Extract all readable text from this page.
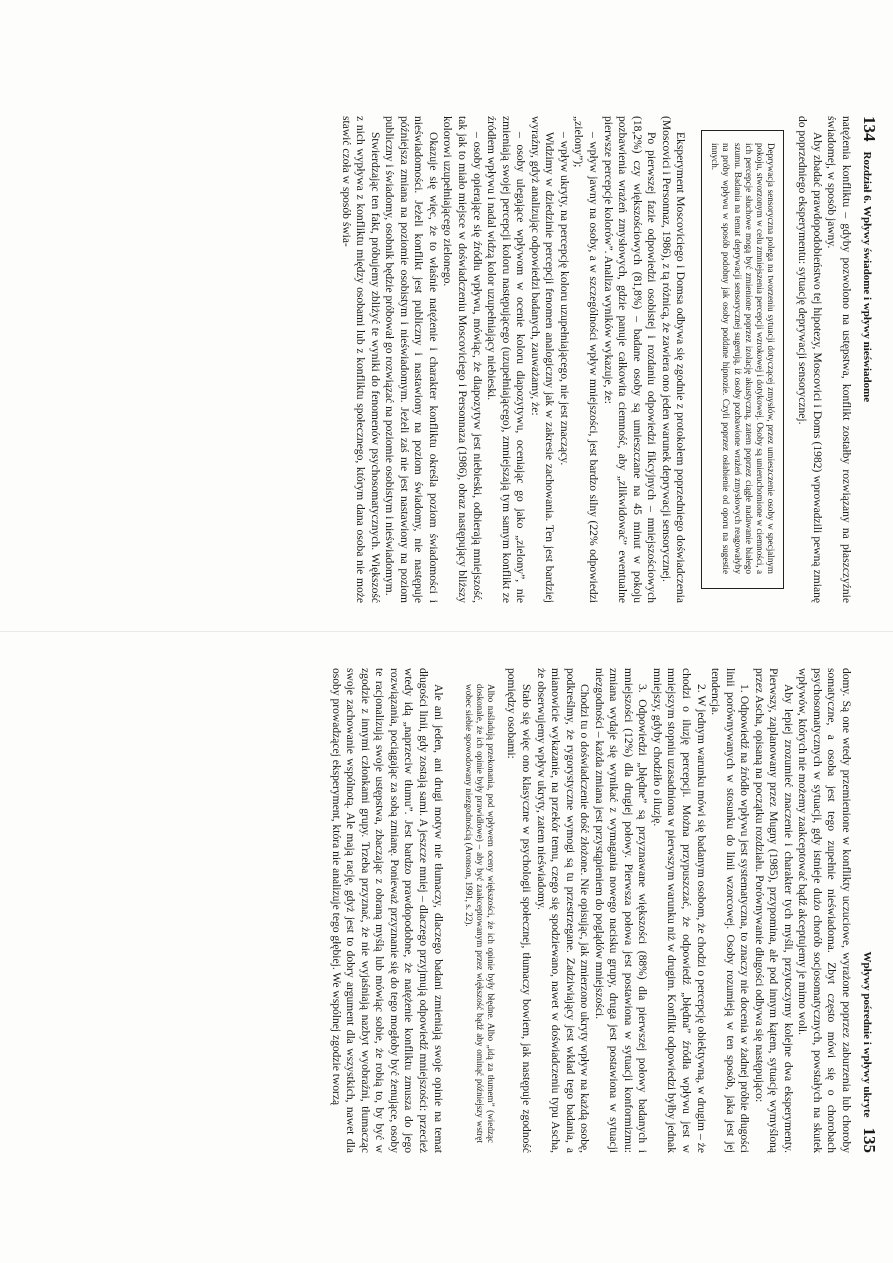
134
Rozdział 6. Wpływy świadome i wpływy nieświadome

natężenia konfliktu – gdyby pozwolono na ustępstwa, konflikt zostałby rozwiązany na płaszczyźnie świadomej, w sposób jawny.

Aby zbadać prawdopodobieństwo tej hipotezy, Moscovici i Doms (1982) wprowadzili pewną zmianę do poprzedniego eksperymentu: sytuację deprywacji sensorycznej.

Deprywacja sensoryczna polega na tworzeniu sytuacji dotyczącej zmysłów, przez umieszczenie osoby w specjalnym pokoju, stworzonym w celu zmniejszenia percepcji wzrokowej i dotykowej. Osoby są unieruchomione w ciemności, a ich percepcje słuchowe mogą być zmienione poprzez izolację akustyczną, zatem poprzez ciągłe nadawanie białego szumu. Badania na temat deprywacji sensorycznej sugerują, iż osoby pozbawione wrażeń zmysłowych reagowałyby na próby wpływu w sposób podobny jak osoby poddane hipnozie. Czyli poprzez osłabienie od oporu na sugestie innych.

Eksperyment Moscoviciego i Domsa odbywa się zgodnie z protokołem poprzedniego doświadczenia (Moscovici i Personnaz, 1986), z tą różnicą, że zawiera ono jeden warunek deprywacji sensorycznej.

Po pierwszej fazie odpowiedzi osobistej i rozdaniu odpowiedzi fikcyjnych – mniejszościowych (18,2%) czy większościowych (81,8%) – badane osoby są umieszczane na 45 minut w pokoju pozbawienia wrażeń zmysłowych, gdzie panuje całkowita ciemność, aby „zlikwidować” ewentualne pierwsze percepcje kolorów”. Analiza wyników wykazuje, że:

– wpływ jawny na osoby, a w szczególności wpływ mniejszości, jest bardzo silny (22% odpowiedzi „zielony”);

– wpływ ukryty, na percepcję koloru uzupełniającego, nie jest znaczący.

Widzimy w dziedzinie percepcji fenomen analogiczny jak w zakresie zachowania. Ten jest bardziej wyraźny, gdyż analizując odpowiedzi badanych, zauważamy, że:

– osoby ulegające wpływom w ocenie koloru diapozytywu, oceniając go jako „zielony”, nie zmieniają swojej percepcji koloru następującego (uzupełniającego), zmniejszają tym samym konflikt ze źródłem wpływu i nadal widzą kolor uzupełniający niebieski.

– osoby opierające się źródłu wpływu, mówiąc, że diapozytyw jest niebieski, odbierają mniejszość, tak jak to miało miejsce w doświadczeniu Moscoviciego i Personnaza (1986), obraz następujący bliższy kolorowi uzupełniającego zielonego.

Okazuje się więc, że to właśnie natężenie i charakter konfliktu określa poziom świadomości i nieświadomości. Jeżeli konflikt jest publiczny i nastawiony na poziom świadomy, nie następuje późniejsza zmiana na poziomie osobistym i nieświadomym. Jeżeli zaś nie jest nastawiony na poziom publiczny i świadomy, osobnik będzie próbował go rozwiązać na poziomie osobistym i nieświadomym.

Stwierdzając ten fakt, próbujemy zbliżyć te wyniki do fenomenów psychosomatycznych. Większość z nich wypływa z konfliktu między osobami lub z konfliktu społecznego, którym dana osoba nie może stawić czoła w sposób świa-

Wpływy pośrednie i wpływy ukryte
135

domy. Są one wtedy przemienione w konflikty uczuciowe, wyrażone poprzez zaburzenia lub choroby somatyczne, a osoba jest tego zupełnie nieświadoma. Zbyt często mówi się o chorobach psychosomatycznych w sytuacji, gdy istnieje dużo chorób socjosomatycznych, powstałych na skutek wpływów, których nie możemy zaakceptować bądź akceptujemy je mimo woli.

Aby lepiej zrozumieć znaczenie i charakter tych myśli, przytoczymy kolejne dwa eksperymenty. Pierwszy, zaplanowany przez Mugny (1985), przypomina, ale pod innym kątem, sytuację wymyśloną przez Ascha, opisaną na początku rozdziału. Porównywanie długości odbywa się następująco:

1. Odpowiedź na źródło wpływu jest systematyczna, to znaczy nie docenia w żadnej próbie długości linii porównywanych w stosunku do linii wzorcowej. Osoby rozumieją w ten sposób, jaka jest jej tendencja.

2. W jednym warunku mówi się badanym osobom, że chodzi o percepcję obiektywną, w drugim – że chodzi o iluzję percepcji. Można przypuszczać, że odpowiedź „błędna” źródła wpływu jest w mniejszym stopniu uzasadniona w pierwszym warunku niż w drugim. Konflikt odpowiedzi byłby jednak mniejszy, gdyby chodziło o iluzję.

3. Odpowiedzi „błędne” są przyznawane większości (88%) dla pierwszej połowy badanych i mniejszości (12%) dla drugiej połowy. Pierwsza połowa jest postawiona w sytuacji konformizmu: zmiana wydaje się wynikać z wymagania nowego nacisku grupy, druga jest postawiona w sytuacji niezgodności – każda zmiana jest przystąpieniem do poglądów mniejszości.

Chodzi tu o doświadczenie dość złożone. Nie opisując, jak zmierzono ukryty wpływ na każdą osobę, podkreślmy, że rygorystyczne wymogi są tu przestrzegane. Zadziwiający jest wkład tego badania, a mianowicie wykazanie, na przekór temu, czego się spodziewano, nawet w doświadczeniu typu Ascha, że obserwujemy wpływ ukryty, zatem nieświadomy.

Stało się więc ono klasyczne w psychologii społecznej, tłumaczy bowiem, jak następuje zgodność pomiędzy osobami:

Albo naśladują przekonania, pod wpływem oceny większości, że ich opinie były błędne. Albo „idą za tłumem” (wiedząc doskonale, że ich opinie były prawidłowe) – aby być zaakceptowanym przez większość bądź aby ominąć późniejszy wstręt wobec siebie spowodowany niezgodnością (Aronson, 1991, s. 22).

Ale ani jeden, ani drugi motyw nie tłumaczy, dlaczego badani zmieniają swoje opinie na temat długości linii, gdy zostają sami. A jeszcze mniej – dlaczego przyjmują odpowiedź mniejszości: przecież wtedy idą „naprzeciw tłumu”. Jest bardzo prawdopodobne, że natężenie konfliktu zmusza do jego rozwiązania, pociągając za sobą zmianę. Ponieważ przyznanie się do tego mogłoby być żenujące, osoby te racjonalizują swoje ustępstwa, zbaczając z obraną myślą lub mówiąc sobie, że robią to, by być w zgodzie z innymi członkami grupy. Trzeba przyznać, że nie wyjaśniają nazbyt wyobraźni, tłumacząc swoje zachowanie wspólnotą. Ale mają rację, gdyż jest to dobry argument dla wszystkich, nawet dla osoby prowadzącej eksperyment, która nie analizuje tego głębiej. We wspólnej zgodzie tworzą
